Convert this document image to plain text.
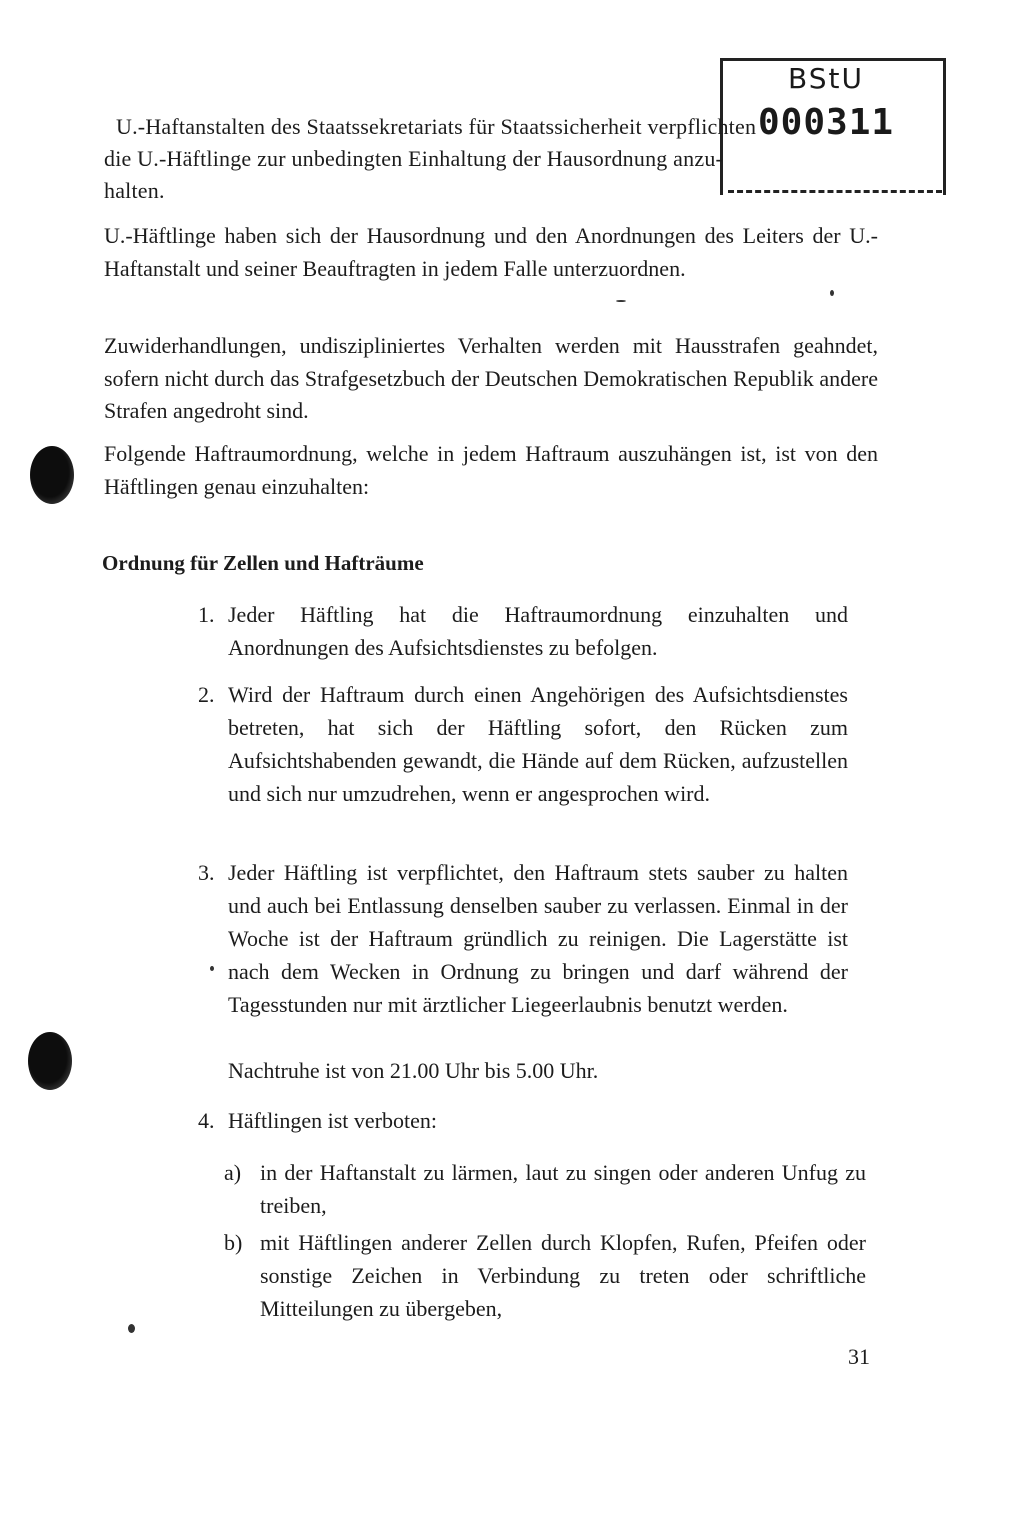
BStU
000311
U.-Haftanstalten des Staatssekretariats für Staatssicherheit verpflichten
die U.-Häftlinge zur unbedingten Einhaltung der Hausordnung anzu-
halten.
U.-Häftlinge haben sich der Hausordnung und den Anordnungen des Leiters der U.-Haftanstalt und seiner Beauftragten in jedem Falle unterzuordnen.
Zuwiderhandlungen, undiszipliniertes Verhalten werden mit Hausstrafen geahndet, sofern nicht durch das Strafgesetzbuch der Deutschen Demokratischen Republik andere Strafen angedroht sind.
Folgende Haftraumordnung, welche in jedem Haftraum auszuhängen ist, ist von den Häftlingen genau einzuhalten:
Ordnung für Zellen und Hafträume
1. Jeder Häftling hat die Haftraumordnung einzuhalten und Anordnungen des Aufsichtsdienstes zu befolgen.
2. Wird der Haftraum durch einen Angehörigen des Aufsichtsdienstes betreten, hat sich der Häftling sofort, den Rücken zum Aufsichtshabenden gewandt, die Hände auf dem Rücken, aufzustellen und sich nur umzudrehen, wenn er angesprochen wird.
3. Jeder Häftling ist verpflichtet, den Haftraum stets sauber zu halten und auch bei Entlassung denselben sauber zu verlassen. Einmal in der Woche ist der Haftraum gründlich zu reinigen. Die Lagerstätte ist nach dem Wecken in Ordnung zu bringen und darf während der Tagesstunden nur mit ärztlicher Liegeerlaubnis benutzt werden.
Nachtruhe ist von 21.00 Uhr bis 5.00 Uhr.
4. Häftlingen ist verboten:
a) in der Haftanstalt zu lärmen, laut zu singen oder anderen Unfug zu treiben,
b) mit Häftlingen anderer Zellen durch Klopfen, Rufen, Pfeifen oder sonstige Zeichen in Verbindung zu treten oder schriftliche Mitteilungen zu übergeben,
31
